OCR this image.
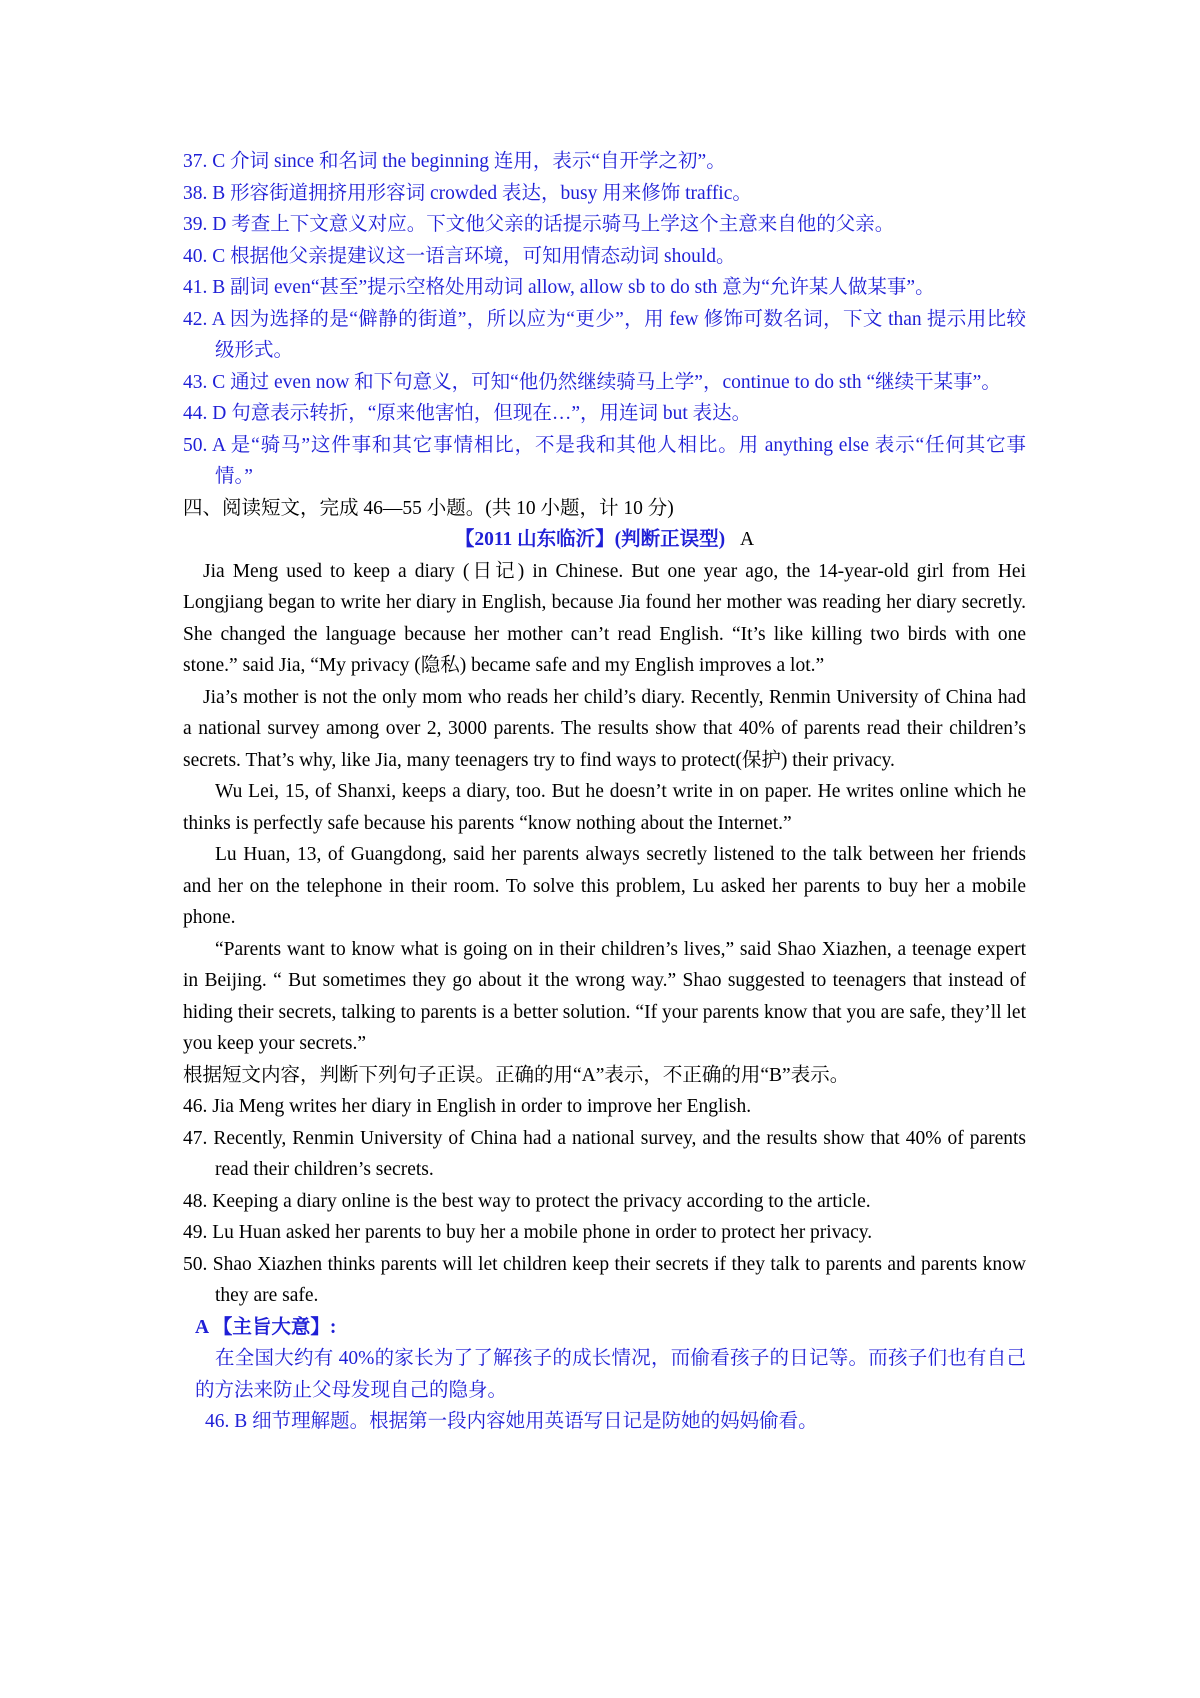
37. C 介词 since 和名词 the beginning 连用，表示“自开学之初”。

38. B 形容街道拥挤用形容词 crowded 表达，busy 用来修饰 traffic。

39. D 考查上下文意义对应。下文他父亲的话提示骑马上学这个主意来自他的父亲。

40. C 根据他父亲提建议这一语言环境，可知用情态动词 should。

41. B 副词 even“甚至”提示空格处用动词 allow, allow sb to do sth 意为“允许某人做某事”。

42. A 因为选择的是“僻静的街道”，所以应为“更少”，用 few 修饰可数名词，下文 than 提示用比较级形式。

43. C 通过 even now 和下句意义，可知“他仍然继续骑马上学”，continue to do sth “继续干某事”。

44. D 句意表示转折，“原来他害怕，但现在…”，用连词 but 表达。

50. A 是“骑马”这件事和其它事情相比，不是我和其他人相比。用 anything else 表示“任何其它事情。”

四、阅读短文，完成 46—55 小题。(共 10 小题，计 10 分)

【2011 山东临沂】(判断正误型) A

Jia Meng used to keep a diary (日记) in Chinese. But one year ago, the 14-year-old girl from Hei Longjiang began to write her diary in English, because Jia found her mother was reading her diary secretly. She changed the language because her mother can’t read English. “It’s like killing two birds with one stone.” said Jia, “My privacy (隐私) became safe and my English improves a lot.”

Jia’s mother is not the only mom who reads her child’s diary. Recently, Renmin University of China had a national survey among over 2, 3000 parents. The results show that 40% of parents read their children’s secrets. That’s why, like Jia, many teenagers try to find ways to protect(保护) their privacy.

Wu Lei, 15, of Shanxi, keeps a diary, too. But he doesn’t write in on paper. He writes online which he thinks is perfectly safe because his parents “know nothing about the Internet.”

Lu Huan, 13, of Guangdong, said her parents always secretly listened to the talk between her friends and her on the telephone in their room. To solve this problem, Lu asked her parents to buy her a mobile phone.

“Parents want to know what is going on in their children’s lives,” said Shao Xiazhen, a teenage expert in Beijing. “ But sometimes they go about it the wrong way.” Shao suggested to teenagers that instead of hiding their secrets, talking to parents is a better solution. “If your parents know that you are safe, they’ll let you keep your secrets.”

根据短文内容，判断下列句子正误。正确的用“A”表示，不正确的用“B”表示。

46. Jia Meng writes her diary in English in order to improve her English.

47. Recently, Renmin University of China had a national survey, and the results show that 40% of parents read their children’s secrets.

48. Keeping a diary online is the best way to protect the privacy according to the article.

49. Lu Huan asked her parents to buy her a mobile phone in order to protect her privacy.

50. Shao Xiazhen thinks parents will let children keep their secrets if they talk to parents and parents know they are safe.

A 【主旨大意】:

在全国大约有 40%的家长为了了解孩子的成长情况，而偷看孩子的日记等。而孩子们也有自己的方法来防止父母发现自己的隐身。

46. B 细节理解题。根据第一段内容她用英语写日记是防她的妈妈偷看。
